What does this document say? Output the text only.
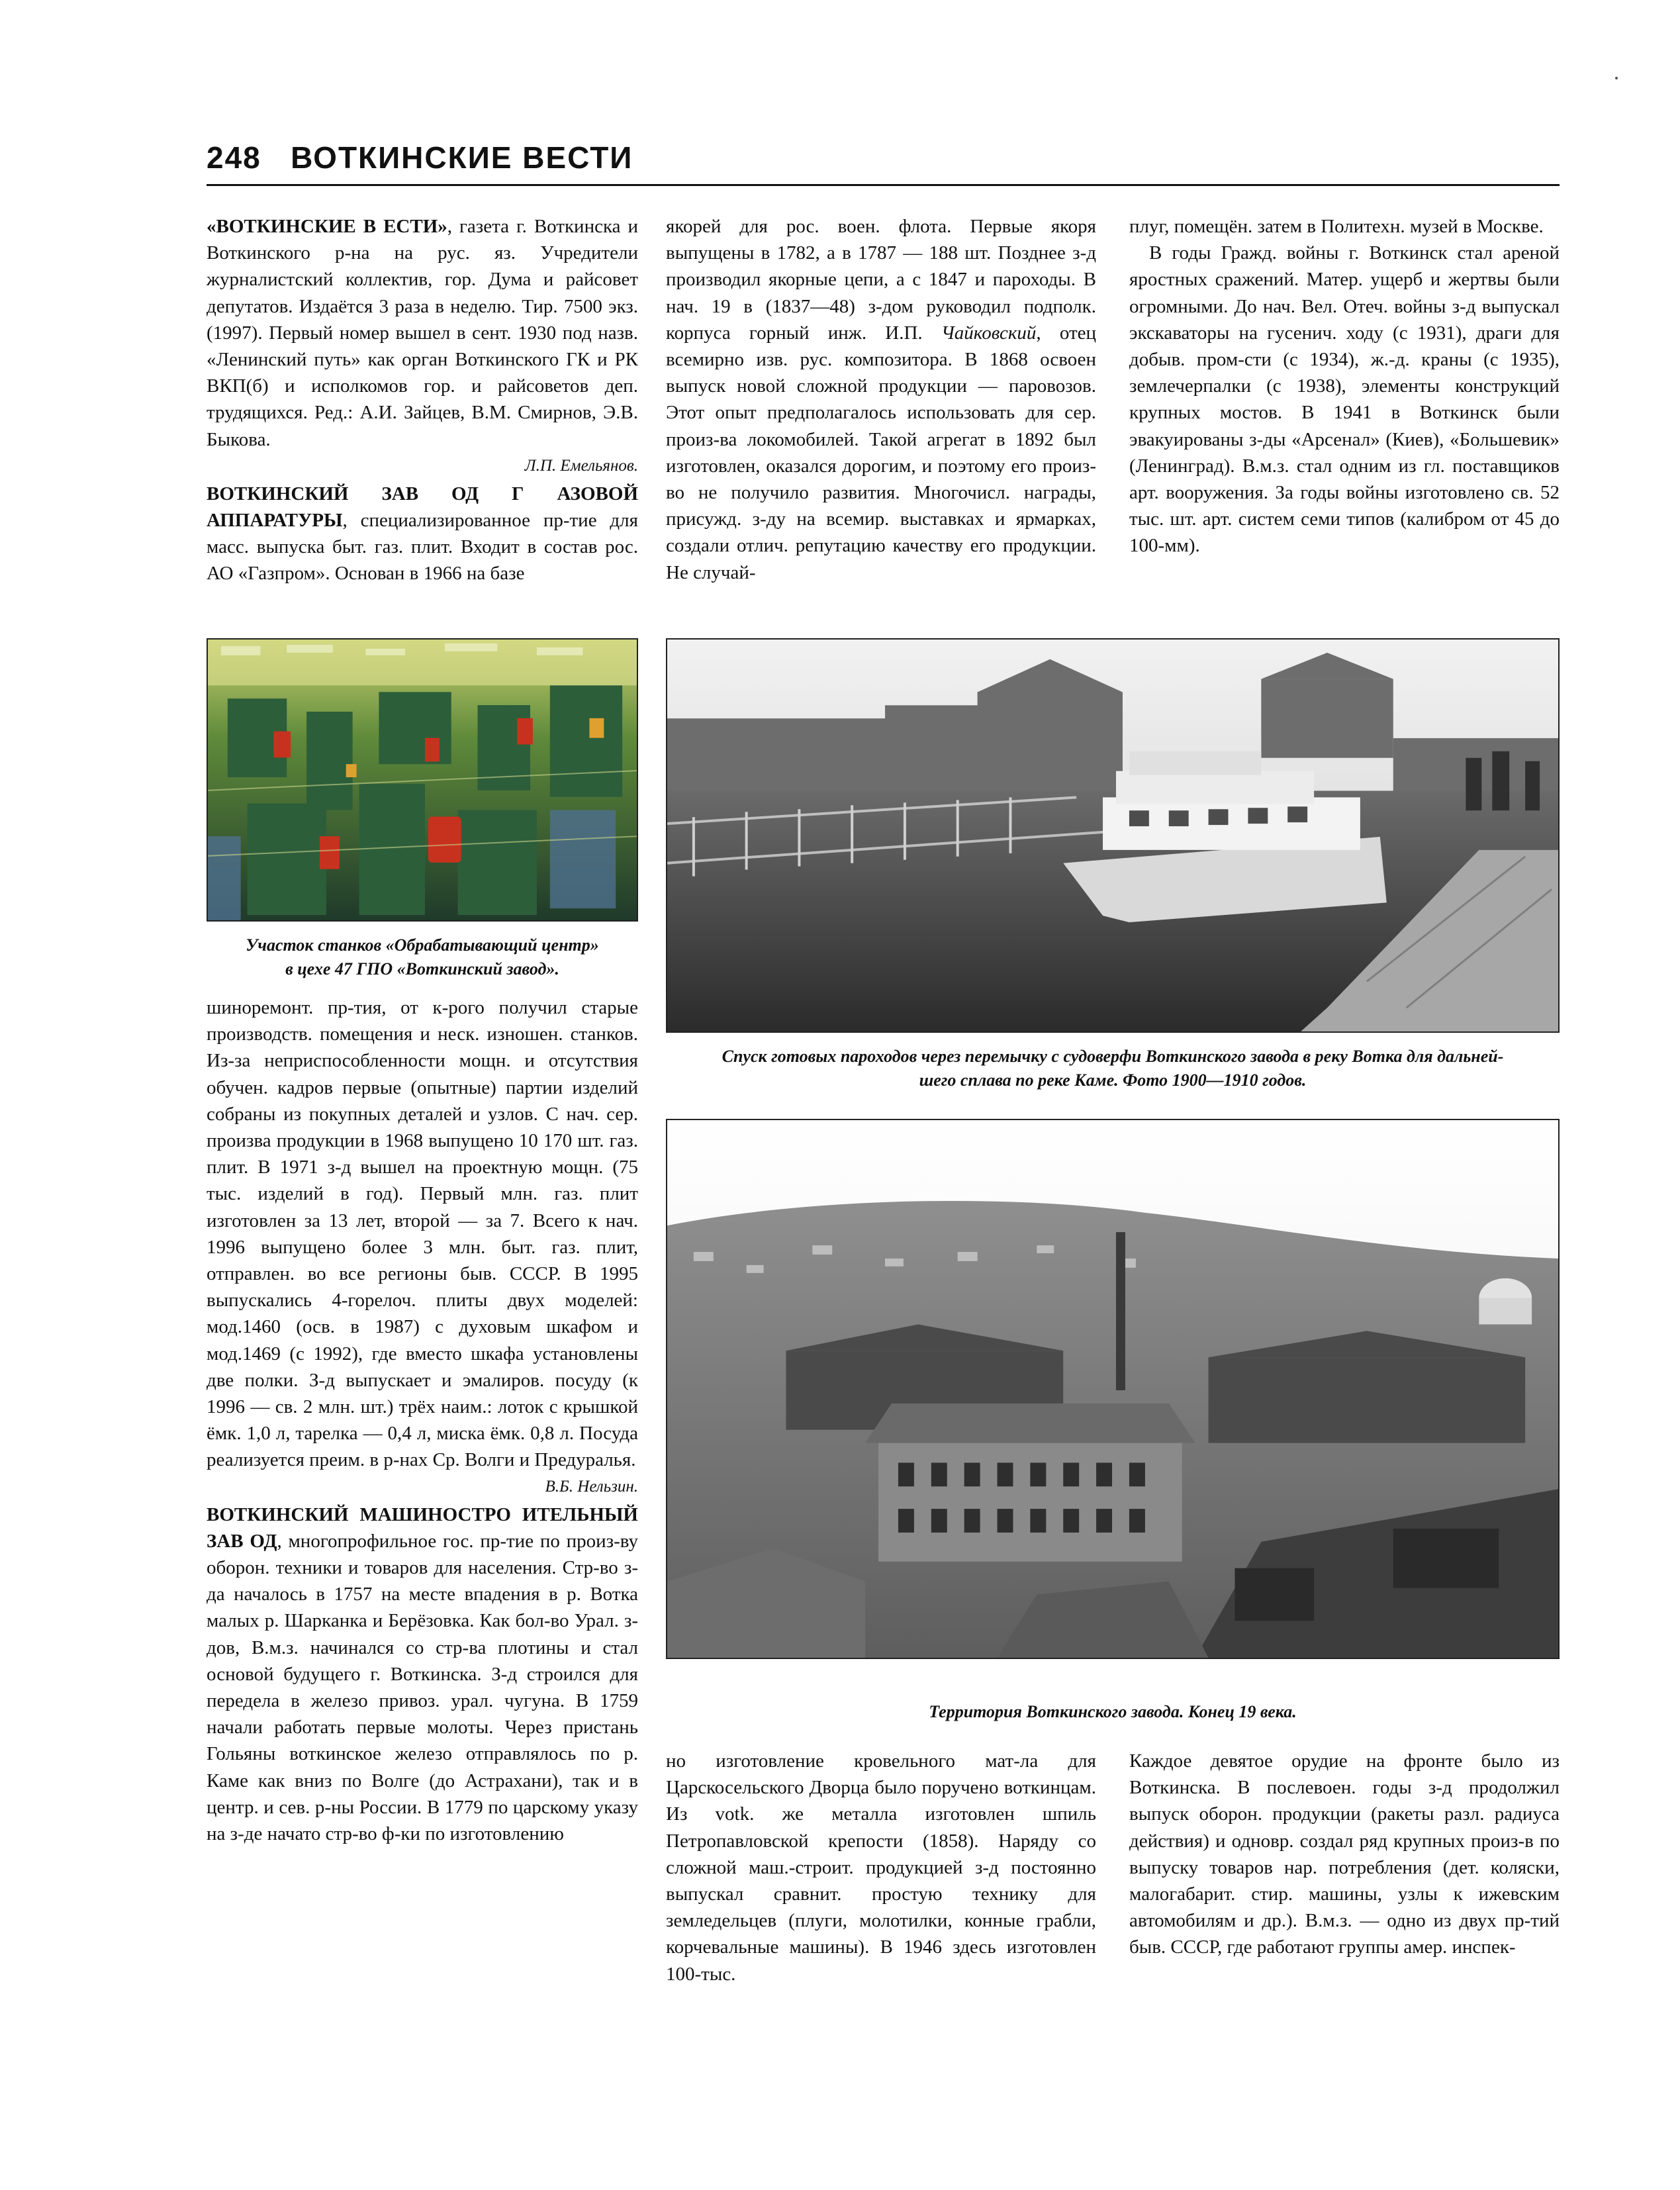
248 ВОТКИНСКИЕ ВЕСТИ

«ВОТКИНСКИЕ В ЕСТИ», газета г. Воткинска и Воткинского р-на на рус. яз. Учредители журналистский коллектив, гор. Дума и райсовет депутатов. Издаётся 3 раза в неделю. Тир. 7500 экз. (1997). Первый номер вышел в сент. 1930 под назв. «Ленинский путь» как орган Воткинского ГК и РК ВКП(б) и исполкомов гор. и райсоветов деп. трудящихся. Ред.: А.И. Зайцев, В.М. Смирнов, Э.В. Быкова.

Л.П. Емельянов.

ВОТКИНСКИЙ ЗАВ ОД Г АЗОВОЙ АППАРАТУРЫ, специализированное пр-тие для масс. выпуска быт. газ. плит. Входит в состав рос. АО «Газпром». Основан в 1966 на базе

якорей для рос. воен. флота. Первые якоря выпущены в 1782, а в 1787 — 188 шт. Позднее з-д производил якорные цепи, а с 1847 и пароходы. В нач. 19 в (1837—48) з-дом руководил подполк. корпуса горный инж. И.П. Чайковский, отец всемирно изв. рус. композитора. В 1868 освоен выпуск новой сложной продукции — паровозов. Этот опыт предполагалось использовать для сер. произ-ва локомобилей. Такой агрегат в 1892 был изготовлен, оказался дорогим, и поэтому его произ-во не получило развития. Многочисл. награды, присужд. з-ду на всемир. выставках и ярмарках, создали отлич. репутацию качеству его продукции. Не случай-

плуг, помещён. затем в Политехн. музей в Москве.

В годы Гражд. войны г. Воткинск стал ареной яростных сражений. Матер. ущерб и жертвы были огромными. До нач. Вел. Отеч. войны з-д выпускал экскаваторы на гусенич. ходу (с 1931), драги для добыв. пром-сти (с 1934), ж.-д. краны (с 1935), землечерпалки (с 1938), элементы конструкций крупных мостов. В 1941 в Воткинск были эвакуированы з-ды «Арсенал» (Киев), «Большевик» (Ленинград). В.м.з. стал одним из гл. поставщиков арт. вооружения. За годы войны изготовлено св. 52 тыс. шт. арт. систем семи типов (калибром от 45 до 100-мм).

Участок станков «Обрабатывающий центр»
в цехе 47 ГПО «Воткинский завод».
Спуск готовых пароходов через перемычку с судоверфи Воткинского завода в реку Вотка для дальней-
шего сплава по реке Каме. Фото 1900—1910 годов.

шиноремонт. пр-тия, от к-рого получил старые производств. помещения и неск. изношен. станков. Из-за неприспособленности мощн. и отсутствия обучен. кадров первые (опытные) партии изделий собраны из покупных деталей и узлов. С нач. сер. произва продукции в 1968 выпущено 10 170 шт. газ. плит. В 1971 з-д вышел на проектную мощн. (75 тыс. изделий в год). Первый млн. газ. плит изготовлен за 13 лет, второй — за 7. Всего к нач. 1996 выпущено более 3 млн. быт. газ. плит, отправлен. во все регионы быв. СССР. В 1995 выпускались 4-горелоч. плиты двух моделей: мод.1460 (осв. в 1987) с духовым шкафом и мод.1469 (с 1992), где вместо шкафа установлены две полки. З-д выпускает и эмалиров. посуду (к 1996 — св. 2 млн. шт.) трёх наим.: лоток с крышкой ёмк. 1,0 л, тарелка — 0,4 л, миска ёмк. 0,8 л. Посуда реализуется преим. в р-нах Ср. Волги и Предуралья.

В.Б. Нельзин.

ВОТКИНСКИЙ МАШИНОСТРО ИТЕЛЬНЫЙ ЗАВ ОД, многопрофильное гос. пр-тие по произ-ву оборон. техники и товаров для населения. Стр-во з-да началось в 1757 на месте впадения в р. Вотка малых р. Шарканка и Берёзовка. Как бол-во Урал. з-дов, В.м.з. начинался со стр-ва плотины и стал основой будущего г. Воткинска. З-д строился для передела в железо привоз. урал. чугуна. В 1759 начали работать первые молоты. Через пристань Гольяны воткинское железо отправлялось по р. Каме как вниз по Волге (до Астрахани), так и в центр. и сев. р-ны России. В 1779 по царскому указу на з-де начато стр-во ф-ки по изготовлению

Территория Воткинского завода. Конец 19 века.

но изготовление кровельного мат-ла для Царскосельского Дворца было поручено воткинцам. Из votk. же металла изготовлен шпиль Петропавловской крепости (1858). Наряду со сложной маш.-строит. продукцией з-д постоянно выпускал сравнит. простую технику для земледельцев (плуги, молотилки, конные грабли, корчевальные машины). В 1946 здесь изготовлен 100-тыс.

Каждое девятое орудие на фронте было из Воткинска. В послевоен. годы з-д продолжил выпуск оборон. продукции (ракеты разл. радиуса действия) и одновр. создал ряд крупных произ-в по выпуску товаров нар. потребления (дет. коляски, малогабарит. стир. машины, узлы к ижевским автомобилям и др.). В.м.з. — одно из двух пр-тий быв. СССР, где работают группы амер. инспек-
